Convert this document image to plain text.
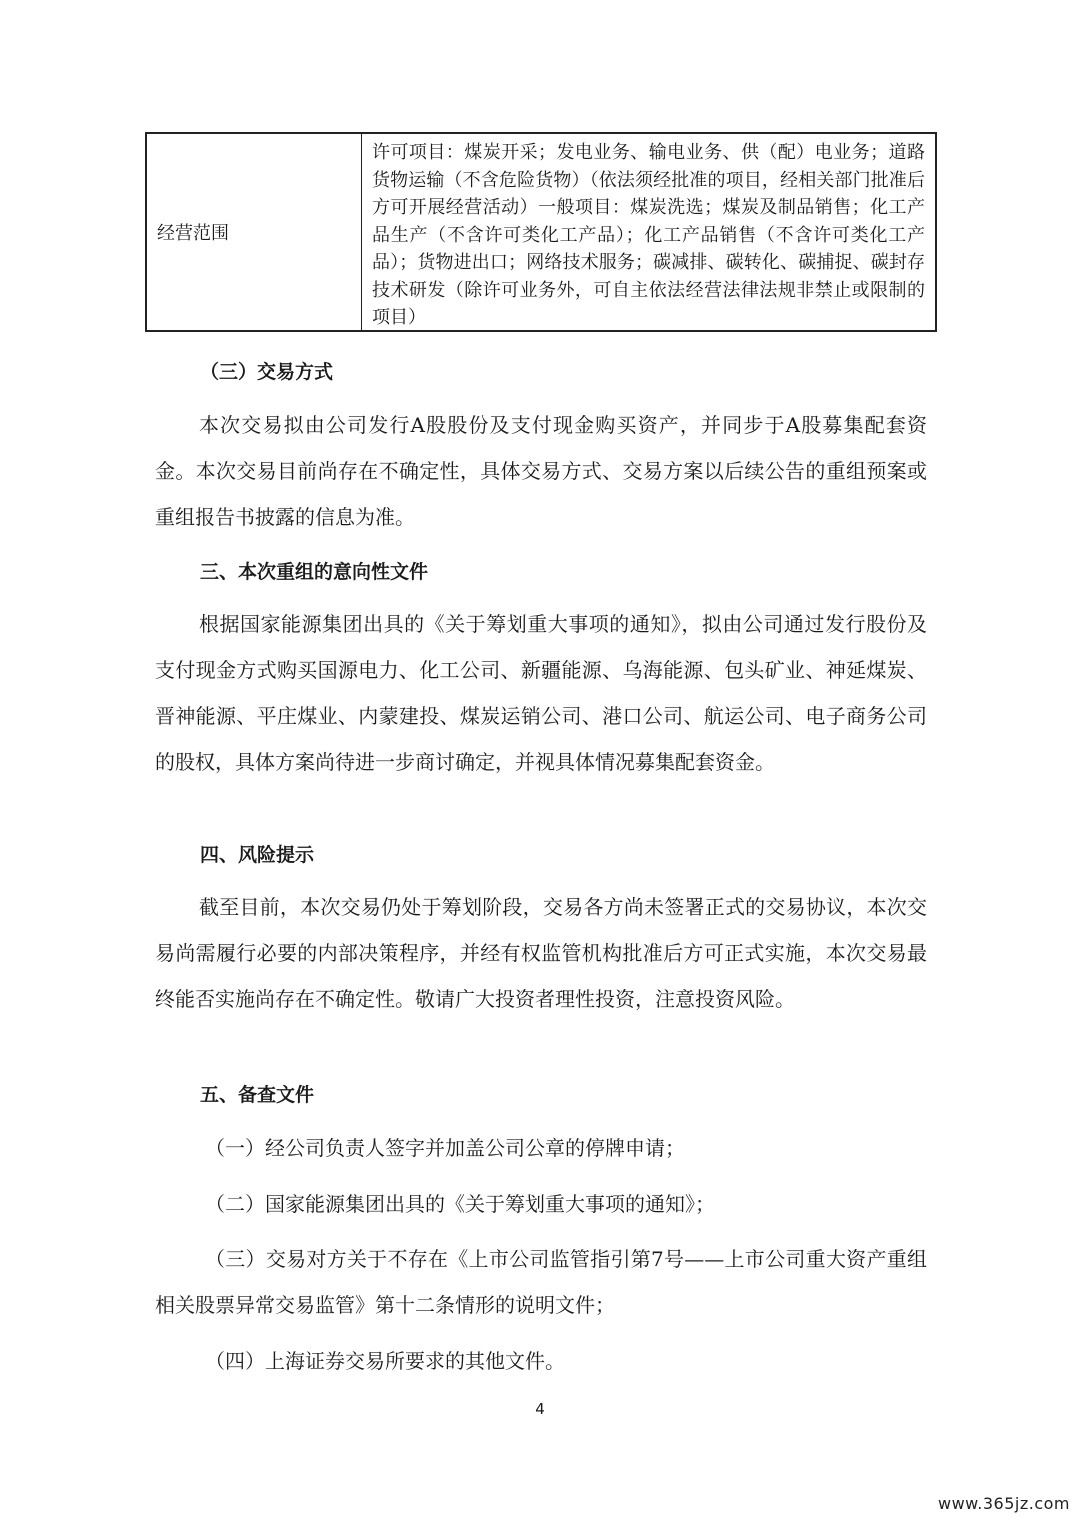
经营范围
许可项目：煤炭开采；发电业务、输电业务、供（配）电业务；道路货物运输（不含危险货物）（依法须经批准的项目，经相关部门批准后方可开展经营活动）一般项目：煤炭洗选；煤炭及制品销售；化工产品生产（不含许可类化工产品）；化工产品销售（不含许可类化工产品）；货物进出口；网络技术服务；碳减排、碳转化、碳捕捉、碳封存技术研发（除许可业务外，可自主依法经营法律法规非禁止或限制的项目）
（三）交易方式

本次交易拟由公司发行A股股份及支付现金购买资产，并同步于A股募集配套资金。本次交易目前尚存在不确定性，具体交易方式、交易方案以后续公告的重组预案或重组报告书披露的信息为准。

三、本次重组的意向性文件

根据国家能源集团出具的《关于筹划重大事项的通知》，拟由公司通过发行股份及支付现金方式购买国源电力、化工公司、新疆能源、乌海能源、包头矿业、神延煤炭、晋神能源、平庄煤业、内蒙建投、煤炭运销公司、港口公司、航运公司、电子商务公司的股权，具体方案尚待进一步商讨确定，并视具体情况募集配套资金。

四、风险提示

截至目前，本次交易仍处于筹划阶段，交易各方尚未签署正式的交易协议，本次交易尚需履行必要的内部决策程序，并经有权监管机构批准后方可正式实施，本次交易最终能否实施尚存在不确定性。敬请广大投资者理性投资，注意投资风险。

五、备查文件

（一）经公司负责人签字并加盖公司公章的停牌申请；

（二）国家能源集团出具的《关于筹划重大事项的通知》；

（三）交易对方关于不存在《上市公司监管指引第7号——上市公司重大资产重组相关股票异常交易监管》第十二条情形的说明文件；

（四）上海证券交易所要求的其他文件。

4
www.365jz.com
